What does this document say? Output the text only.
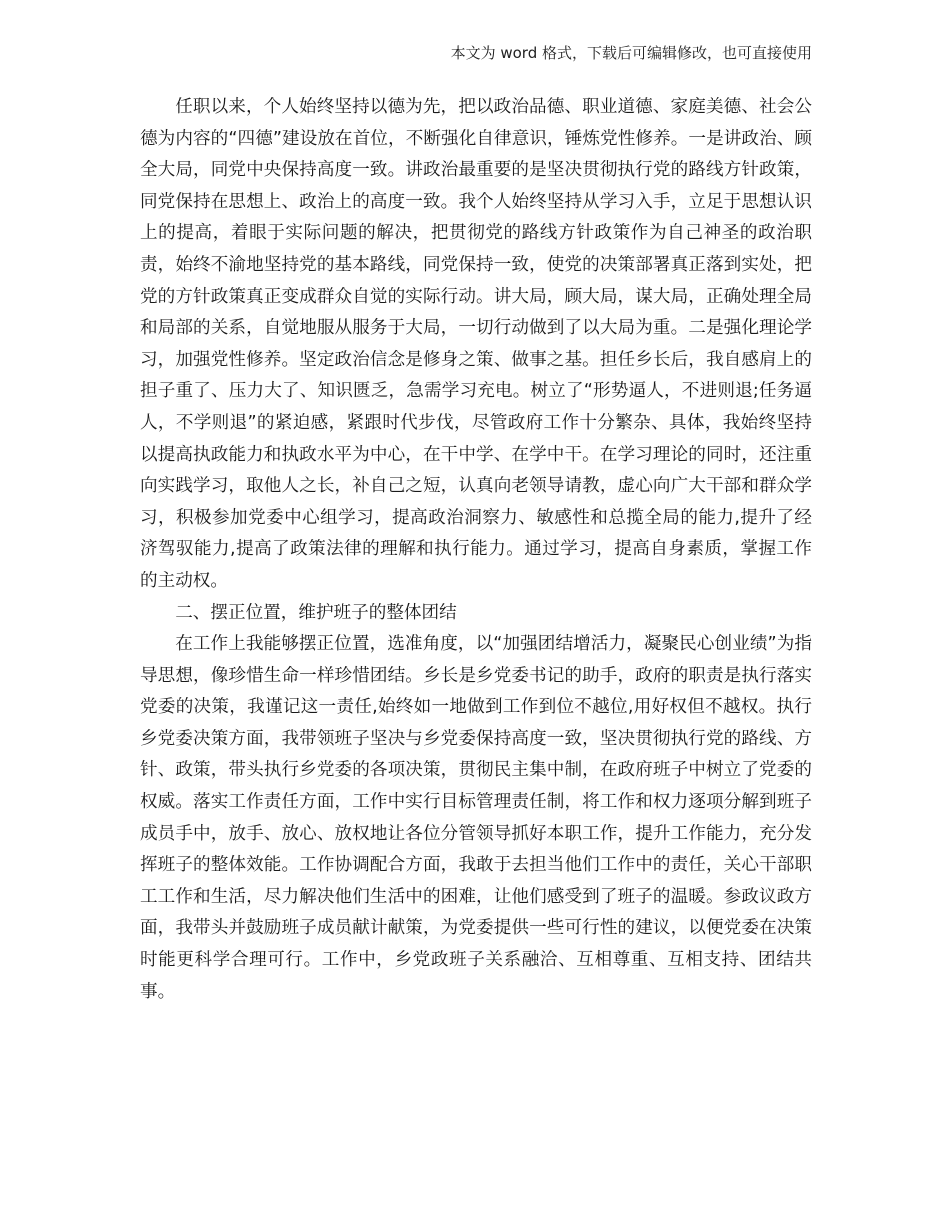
本文为 word 格式，下载后可编辑修改，也可直接使用

任职以来，个人始终坚持以德为先，把以政治品德、职业道德、家庭美德、社会公德为内容的“四德”建设放在首位，不断强化自律意识，锤炼党性修养。一是讲政治、顾全大局，同党中央保持高度一致。讲政治最重要的是坚决贯彻执行党的路线方针政策，同党保持在思想上、政治上的高度一致。我个人始终坚持从学习入手，立足于思想认识上的提高，着眼于实际问题的解决，把贯彻党的路线方针政策作为自己神圣的政治职责，始终不渝地坚持党的基本路线，同党保持一致，使党的决策部署真正落到实处，把党的方针政策真正变成群众自觉的实际行动。讲大局，顾大局，谋大局，正确处理全局和局部的关系，自觉地服从服务于大局，一切行动做到了以大局为重。二是强化理论学习，加强党性修养。坚定政治信念是修身之策、做事之基。担任乡长后，我自感肩上的担子重了、压力大了、知识匮乏，急需学习充电。树立了“形势逼人，不进则退;任务逼人，不学则退”的紧迫感，紧跟时代步伐，尽管政府工作十分繁杂、具体，我始终坚持以提高执政能力和执政水平为中心，在干中学、在学中干。在学习理论的同时，还注重向实践学习，取他人之长，补自己之短，认真向老领导请教，虚心向广大干部和群众学习，积极参加党委中心组学习，提高政治洞察力、敏感性和总揽全局的能力,提升了经济驾驭能力,提高了政策法律的理解和执行能力。通过学习，提高自身素质，掌握工作的主动权。

二、摆正位置，维护班子的整体团结

在工作上我能够摆正位置，选准角度，以“加强团结增活力，凝聚民心创业绩”为指导思想，像珍惜生命一样珍惜团结。乡长是乡党委书记的助手，政府的职责是执行落实党委的决策，我谨记这一责任,始终如一地做到工作到位不越位,用好权但不越权。执行乡党委决策方面，我带领班子坚决与乡党委保持高度一致，坚决贯彻执行党的路线、方针、政策，带头执行乡党委的各项决策，贯彻民主集中制，在政府班子中树立了党委的权威。落实工作责任方面，工作中实行目标管理责任制，将工作和权力逐项分解到班子成员手中，放手、放心、放权地让各位分管领导抓好本职工作，提升工作能力，充分发挥班子的整体效能。工作协调配合方面，我敢于去担当他们工作中的责任，关心干部职工工作和生活，尽力解决他们生活中的困难，让他们感受到了班子的温暖。参政议政方面，我带头并鼓励班子成员献计献策，为党委提供一些可行性的建议，以便党委在决策时能更科学合理可行。工作中，乡党政班子关系融洽、互相尊重、互相支持、团结共事。
